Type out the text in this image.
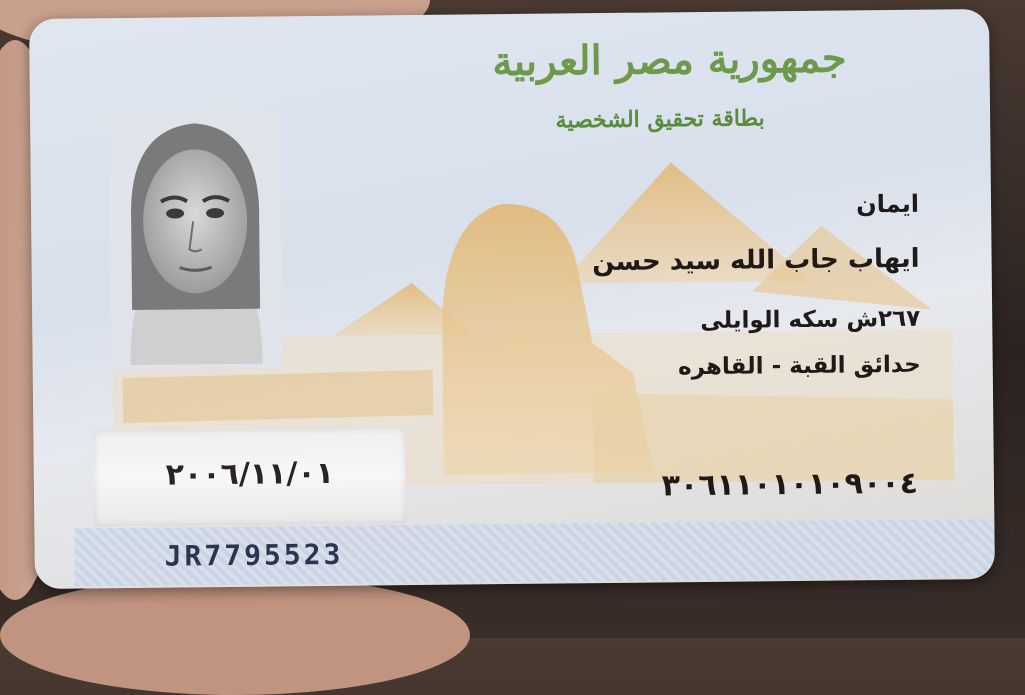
جمهورية مصر العربية
بطاقة تحقيق الشخصية
ايمان
ايهاب جاب الله سيد حسن
٢٦٧ش سكه الوايلى
حدائق القبة - القاهره
٢٠٠٦/١١/٠١	٣٠٦١١٠١٠١٠٩٠٠٤
JR7795523
